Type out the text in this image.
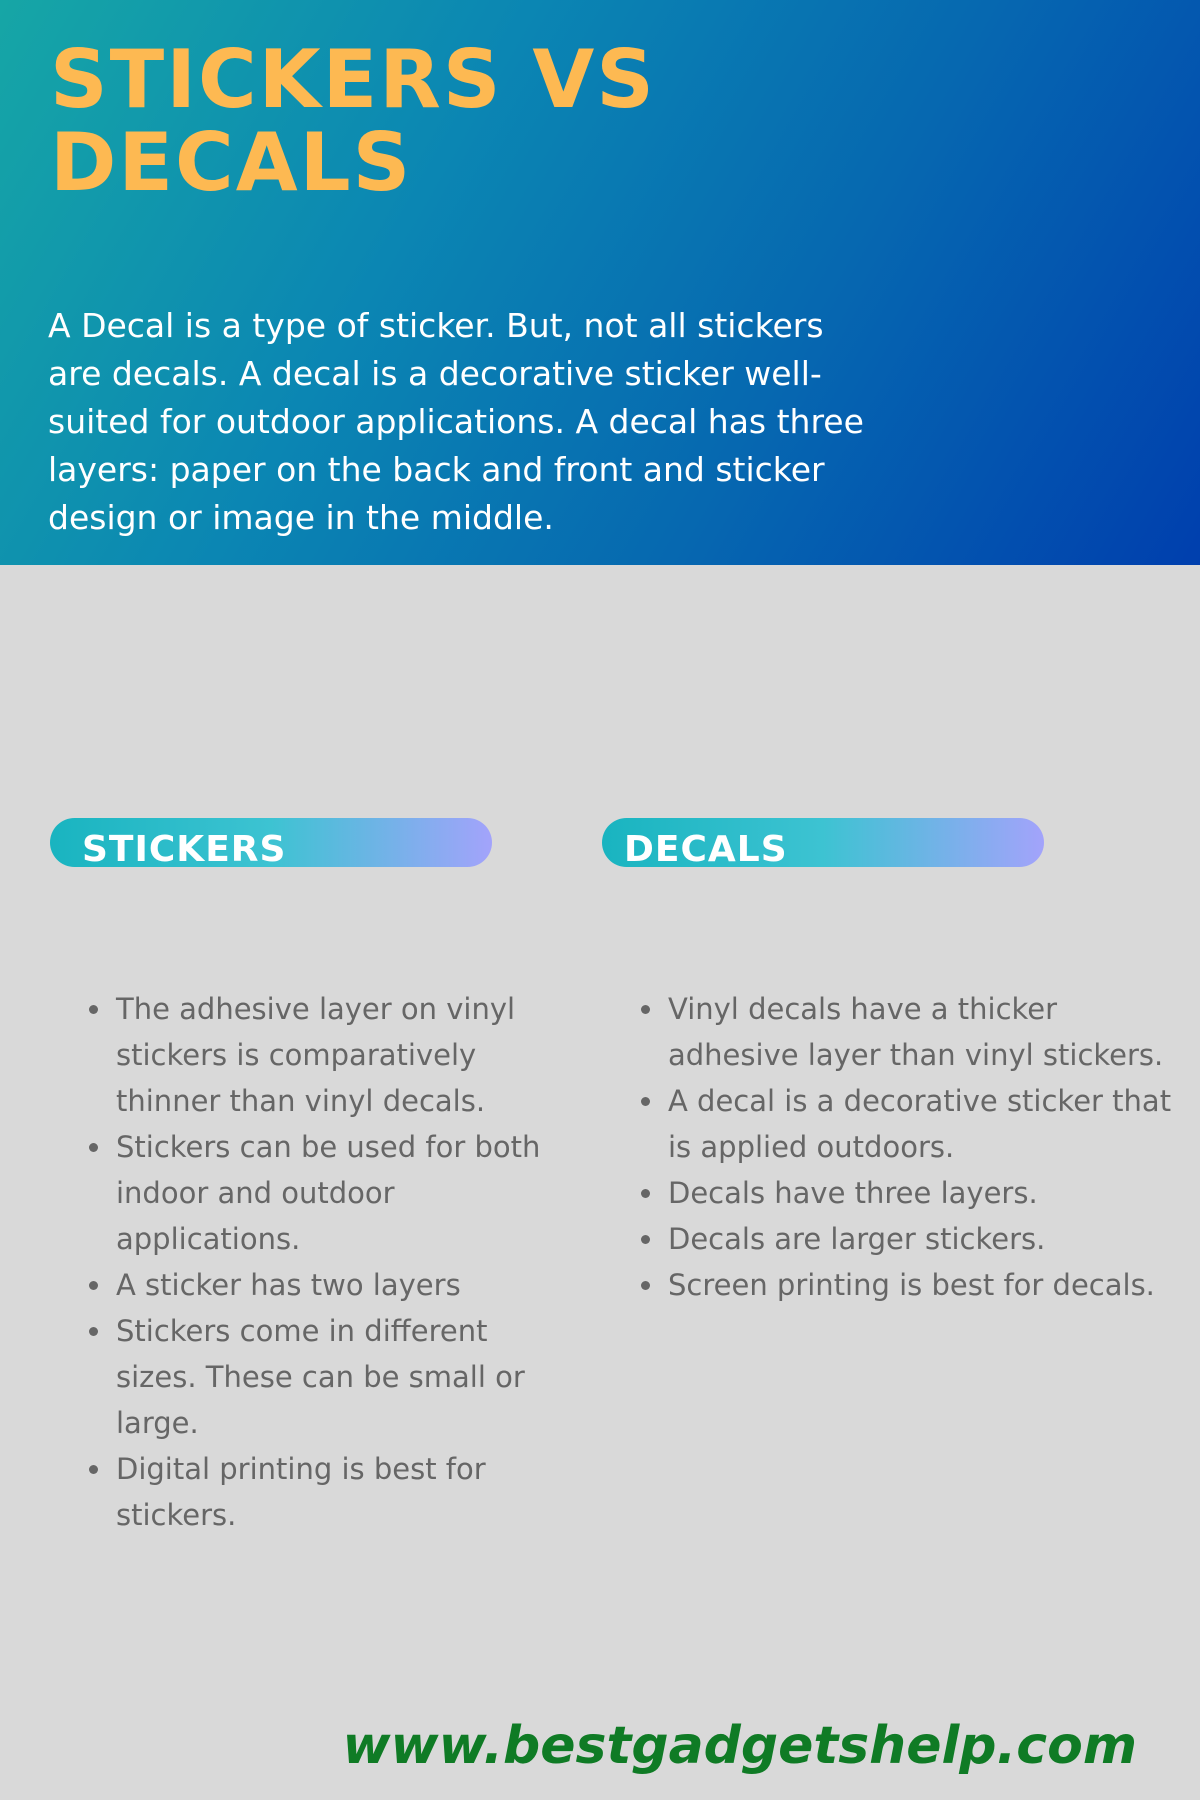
STICKERS VS DECALS

A Decal is a type of sticker. But, not all stickers are decals. A decal is a decorative sticker well-suited for outdoor applications. A decal has three layers: paper on the back and front and sticker design or image in the middle.

STICKERS	DECALS
The adhesive layer on vinyl stickers is comparatively thinner than vinyl decals.
Stickers can be used for both indoor and outdoor applications.
A sticker has two layers
Stickers come in different sizes. These can be small or large.
Digital printing is best for stickers.
Vinyl decals have a thicker adhesive layer than vinyl stickers.
A decal is a decorative sticker that is applied outdoors.
Decals have three layers.
Decals are larger stickers.
Screen printing is best for decals.

www.bestgadgetshelp.com
